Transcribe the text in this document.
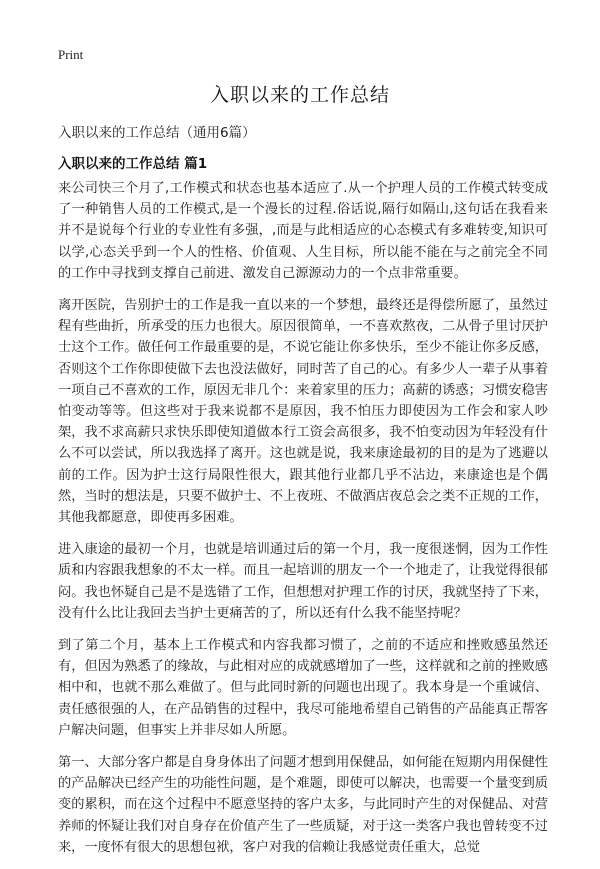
Print
入职以来的工作总结
入职以来的工作总结（通用6篇）
入职以来的工作总结 篇1

来公司快三个月了,工作模式和状态也基本适应了.从一个护理人员的工作模式转变成了一种销售人员的工作模式,是一个漫长的过程.俗话说,隔行如隔山,这句话在我看来并不是说每个行业的专业性有多强，,而是与此相适应的心态模式有多难转变,知识可以学,心态关乎到一个人的性格、价值观、人生目标，所以能不能在与之前完全不同的工作中寻找到支撑自己前进、激发自己源源动力的一个点非常重要。

离开医院，告别护士的工作是我一直以来的一个梦想，最终还是得偿所愿了，虽然过程有些曲折，所承受的压力也很大。原因很简单，一不喜欢熬夜，二从骨子里讨厌护士这个工作。做任何工作最重要的是，不说它能让你多快乐，至少不能让你多反感，否则这个工作你即使做下去也没法做好，同时苦了自己的心。有多少人一辈子从事着一项自己不喜欢的工作，原因无非几个：来着家里的压力；高薪的诱惑；习惯安稳害怕变动等等。但这些对于我来说都不是原因，我不怕压力即使因为工作会和家人吵架，我不求高薪只求快乐即使知道做本行工资会高很多，我不怕变动因为年轻没有什么不可以尝试，所以我选择了离开。这也就是说，我来康途最初的目的是为了逃避以前的工作。因为护士这行局限性很大，跟其他行业都几乎不沾边，来康途也是个偶然，当时的想法是，只要不做护士、不上夜班、不做酒店夜总会之类不正规的工作，其他我都愿意，即使再多困难。

进入康途的最初一个月，也就是培训通过后的第一个月，我一度很迷惘，因为工作性质和内容跟我想象的不太一样。而且一起培训的朋友一个一个地走了，让我觉得很郁闷。我也怀疑自己是不是选错了工作，但想想对护理工作的讨厌，我就坚持了下来，没有什么比让我回去当护士更痛苦的了，所以还有什么我不能坚持呢？

到了第二个月，基本上工作模式和内容我都习惯了，之前的不适应和挫败感虽然还有，但因为熟悉了的缘故，与此相对应的成就感增加了一些，这样就和之前的挫败感相中和，也就不那么难做了。但与此同时新的问题也出现了。我本身是一个重诚信、责任感很强的人，在产品销售的过程中，我尽可能地希望自己销售的产品能真正帮客户解决问题，但事实上并非尽如人所愿。

第一、大部分客户都是自身身体出了问题才想到用保健品，如何能在短期内用保健性的产品解决已经产生的功能性问题，是个难题，即使可以解决，也需要一个量变到质变的累积，而在这个过程中不愿意坚持的客户太多，与此同时产生的对保健品、对营养师的怀疑让我们对自身存在价值产生了一些质疑，对于这一类客户我也曾转变不过来，一度怀有很大的思想包袱，客户对我的信赖让我感觉责任重大，总觉
